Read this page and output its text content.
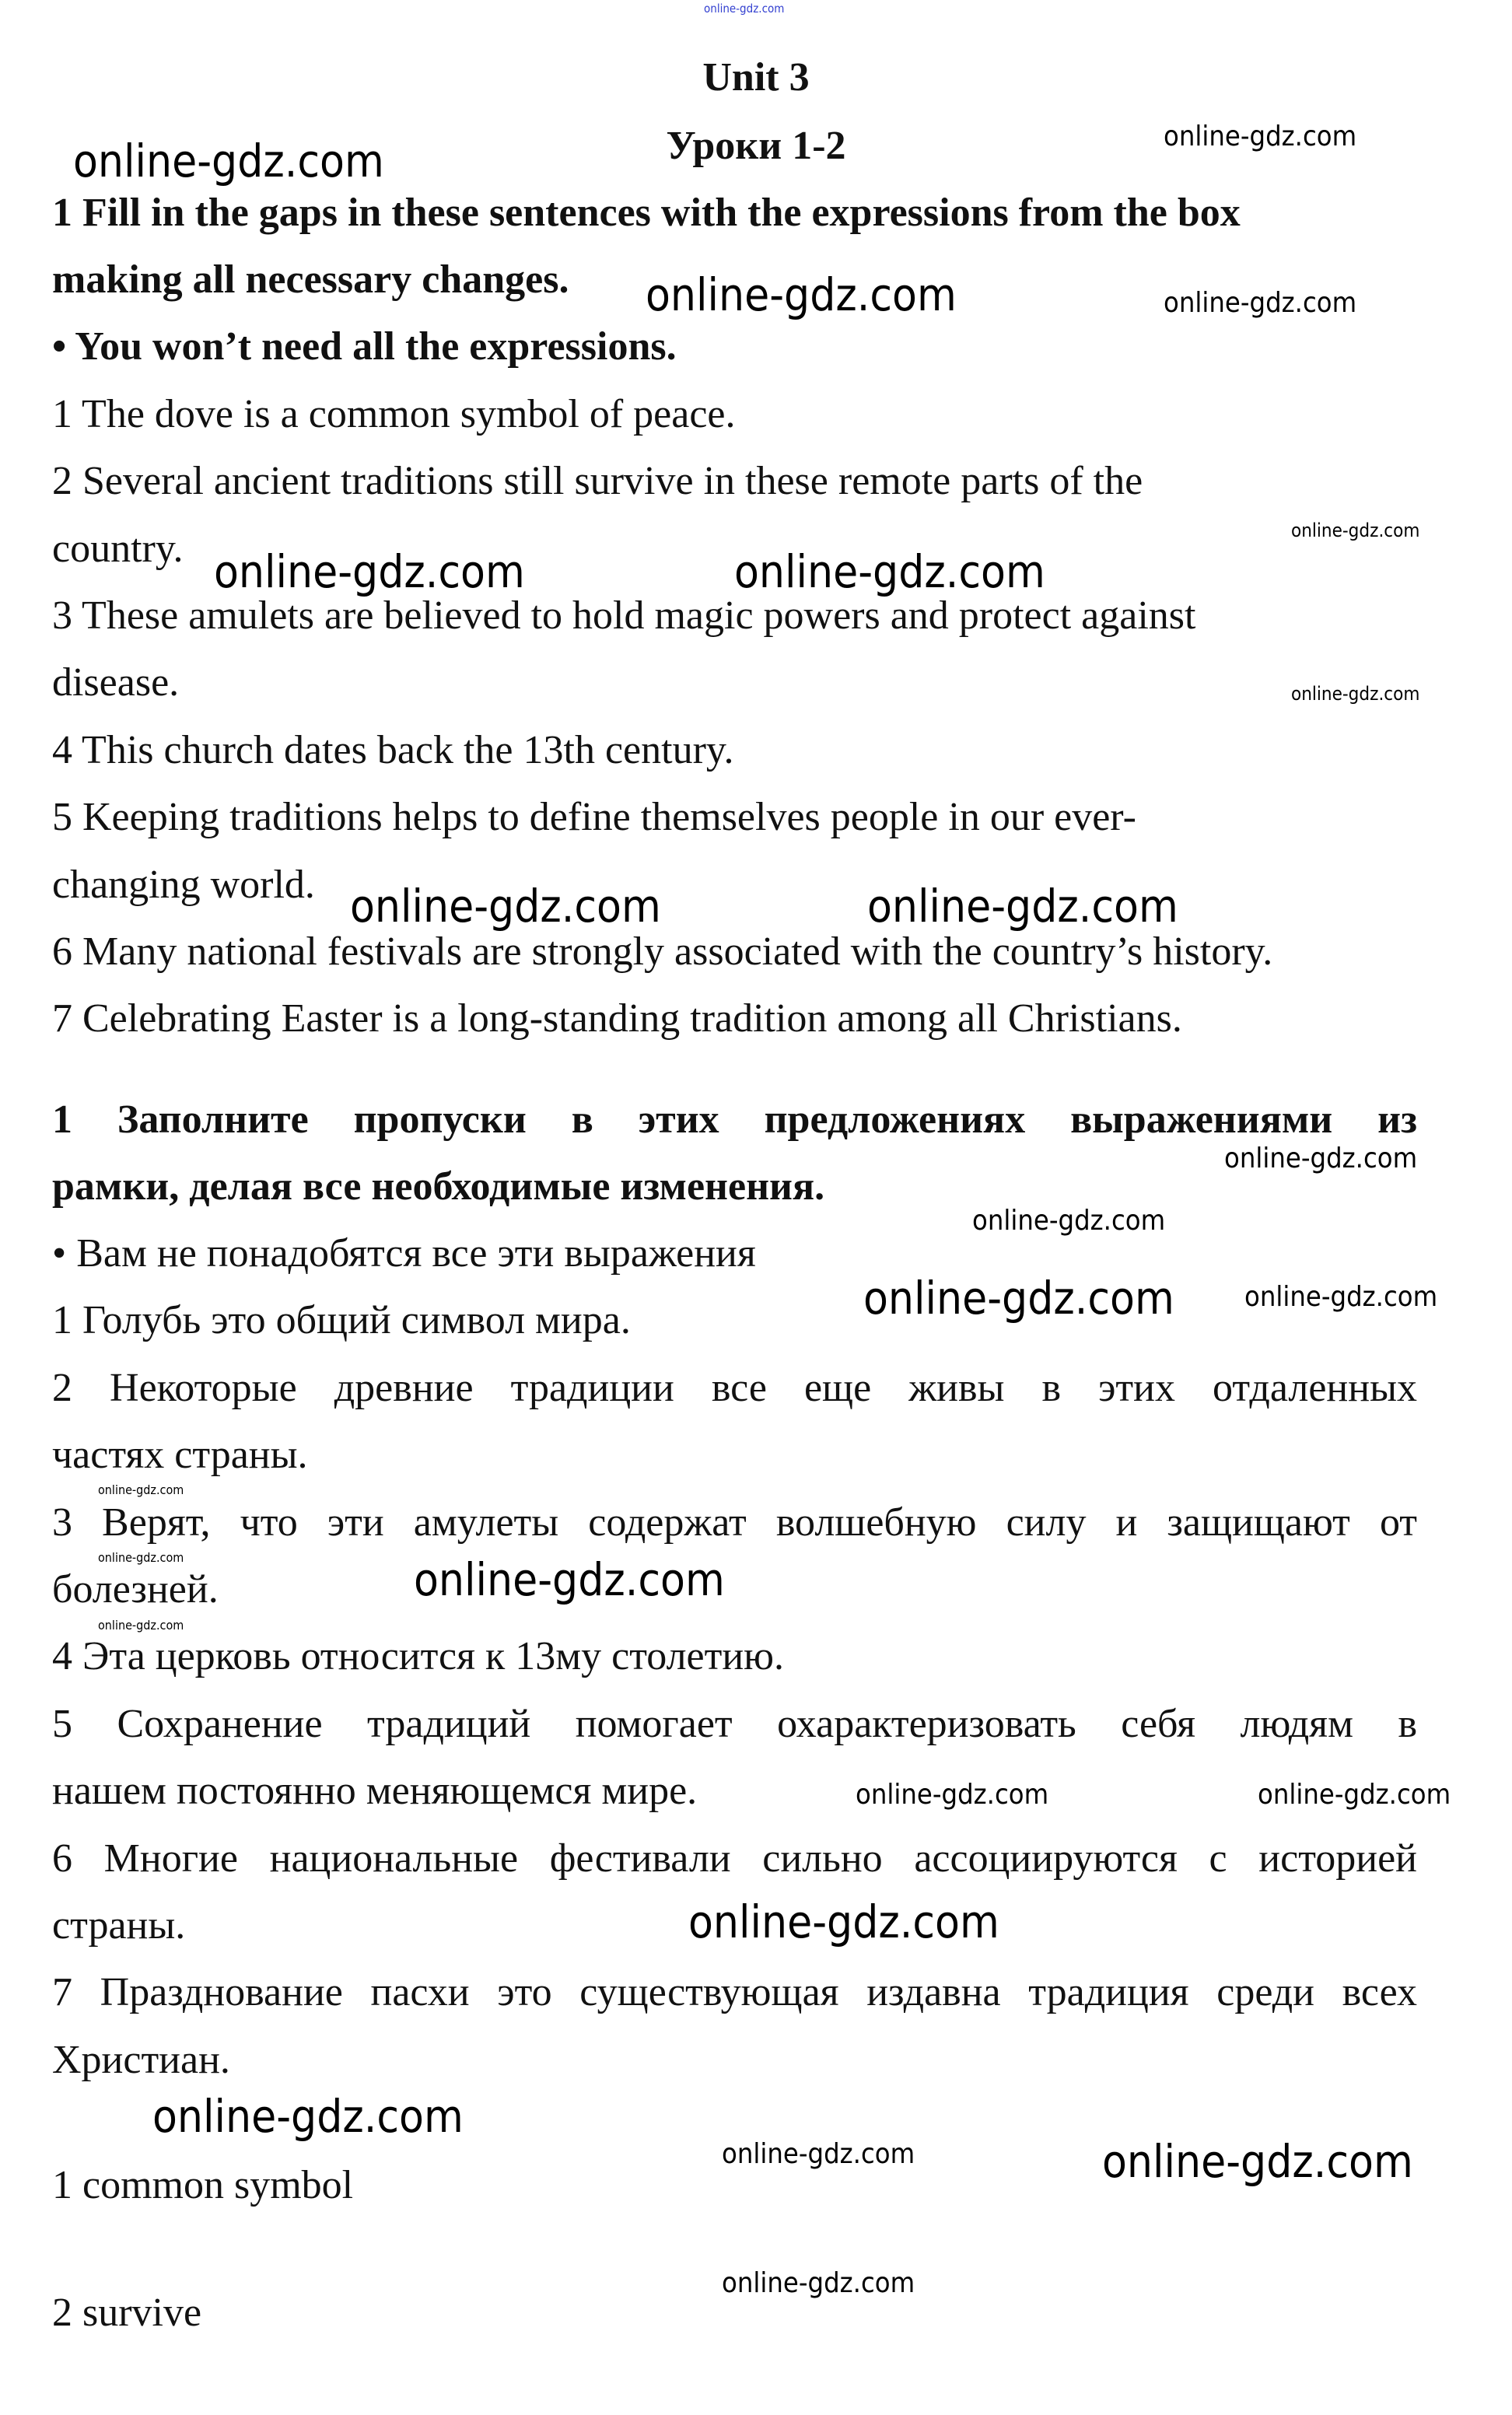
Unit 3
Уроки 1-2
1 Fill in the gaps in these sentences with the expressions from the box
making all necessary changes.
• You won’t need all the expressions.
1 The dove is a common symbol of peace.
2 Several ancient traditions still survive in these remote parts of the
country.
3 These amulets are believed to hold magic powers and protect against
disease.
4 This church dates back the 13th century.
5 Keeping traditions helps to define themselves people in our ever-
changing world.
6 Many national festivals are strongly associated with the country’s history.
7 Celebrating Easter is a long-standing tradition among all Christians.
1 Заполните пропуски в этих предложениях выражениями из
рамки, делая все необходимые изменения.
• Вам не понадобятся все эти выражения
1 Голубь это общий символ мира.
2 Некоторые древние традиции все еще живы в этих отдаленных
частях страны.
3 Верят, что эти амулеты содержат волшебную силу и защищают от
болезней.
4 Эта церковь относится к 13му столетию.
5 Сохранение традиций помогает охарактеризовать себя людям в
нашем постоянно меняющемся мире.
6 Многие национальные фестивали сильно ассоциируются с историей
страны.
7 Празднование пасхи это существующая издавна традиция среди всех
Христиан.
1 common symbol
2 survive
online-gdz.com
online-gdz.com
online-gdz.com
online-gdz.com	online-gdz.com
online-gdz.com
online-gdz.com	online-gdz.com
online-gdz.com
online-gdz.com	online-gdz.com
online-gdz.com
online-gdz.com
online-gdz.com	online-gdz.com
online-gdz.com
online-gdz.com	online-gdz.com
online-gdz.com
online-gdz.com	online-gdz.com
online-gdz.com
online-gdz.com
online-gdz.com	online-gdz.com
online-gdz.com
